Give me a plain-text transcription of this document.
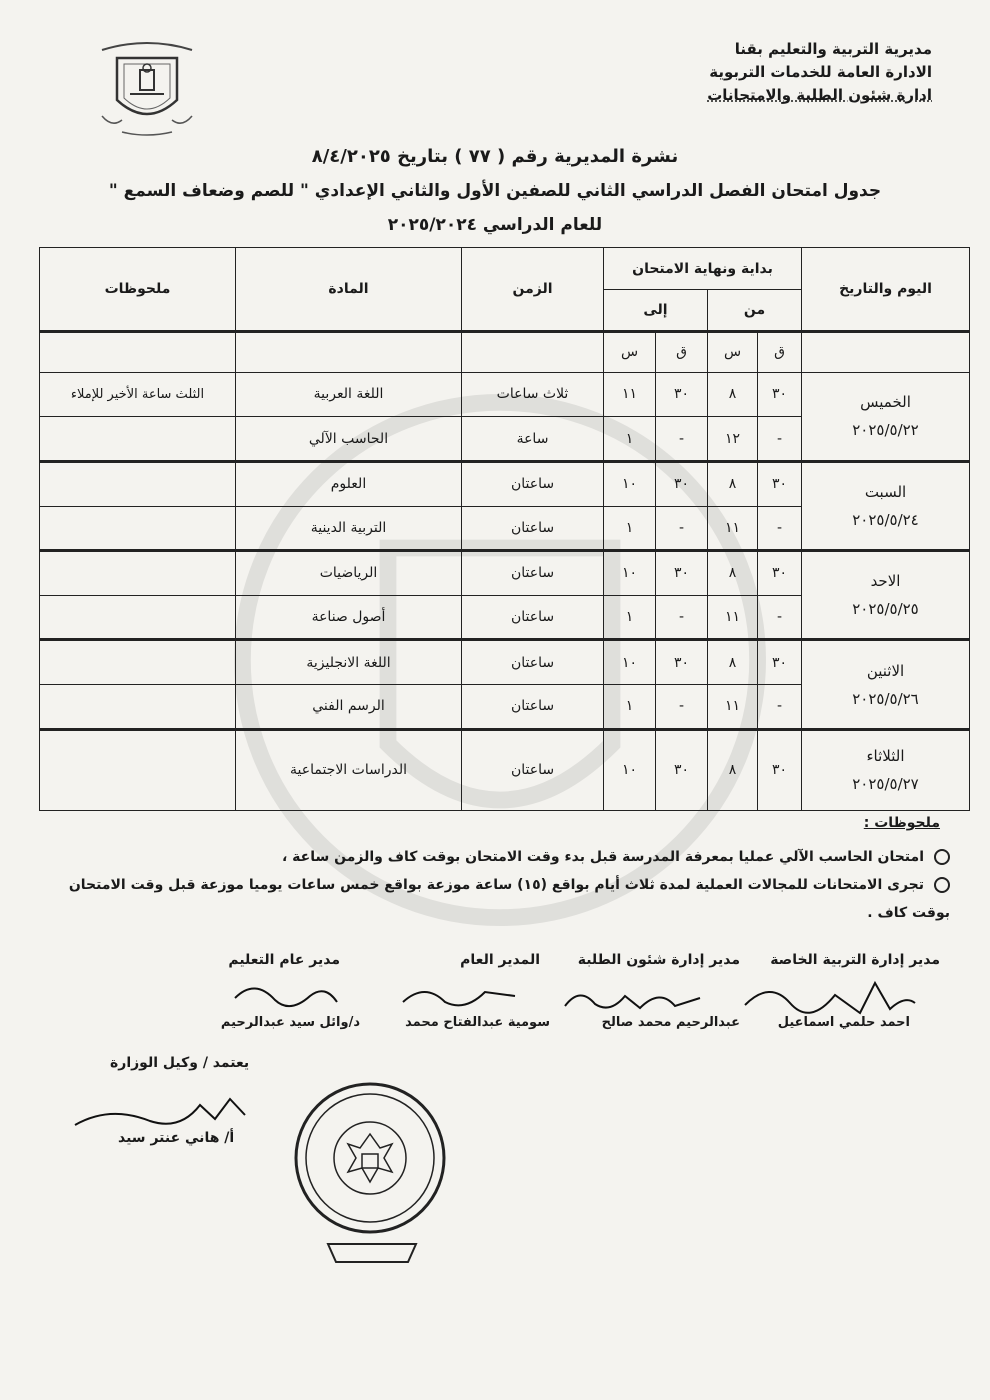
مديرية التربية والتعليم بقنا
الادارة العامة للخدمات التربوية
ادارة شئون الطلبة والامتحانات
نشرة المديرية رقم ( ٧٧ ) بتاريخ ٨/٤/٢٠٢٥
جدول امتحان الفصل الدراسي الثاني للصفين الأول والثاني الإعدادي " للصم وضعاف السمع "
للعام الدراسي ٢٠٢٥/٢٠٢٤
اليوم والتاريخ	بداية ونهاية الامتحان				الزمن	المادة	ملحوظات
	من		إلى				
	ق	س	ق	س			

الخميس
٢٠٢٥/٥/٢٢	٣٠	٨	٣٠	١١	ثلاث ساعات	اللغة العربية	الثلث ساعة الأخير للإملاء
	-	١٢	-	١	ساعة	الحاسب الآلي	

السبت
٢٠٢٥/٥/٢٤	٣٠	٨	٣٠	١٠	ساعتان	العلوم	
	-	١١	-	١	ساعتان	التربية الدينية	

الاحد
٢٠٢٥/٥/٢٥	٣٠	٨	٣٠	١٠	ساعتان	الرياضيات	
	-	١١	-	١	ساعتان	أصول صناعة	

الاثنين
٢٠٢٥/٥/٢٦	٣٠	٨	٣٠	١٠	ساعتان	اللغة الانجليزية	
	-	١١	-	١	ساعتان	الرسم الفني	

الثلاثاء
٢٠٢٥/٥/٢٧	٣٠	٨	٣٠	١٠	ساعتان	الدراسات الاجتماعية	
ملحوظات :
امتحان الحاسب الآلي عمليا بمعرفة المدرسة قبل بدء وقت الامتحان بوقت كاف والزمن ساعة ،
تجرى الامتحانات للمجالات العملية لمدة ثلاث أيام بواقع (١٥) ساعة موزعة بواقع خمس ساعات يوميا موزعة قبل وقت الامتحان بوقت كاف .
مدير إدارة التربية الخاصة
مدير إدارة شئون الطلبة
المدير العام
مدير عام التعليم
احمد حلمي اسماعيل
عبدالرحيم محمد صالح
سومية عبدالفتاح محمد
د/وائل سيد عبدالرحيم
يعتمد / وكيل الوزارة
أ/ هاني عنتر سيد
